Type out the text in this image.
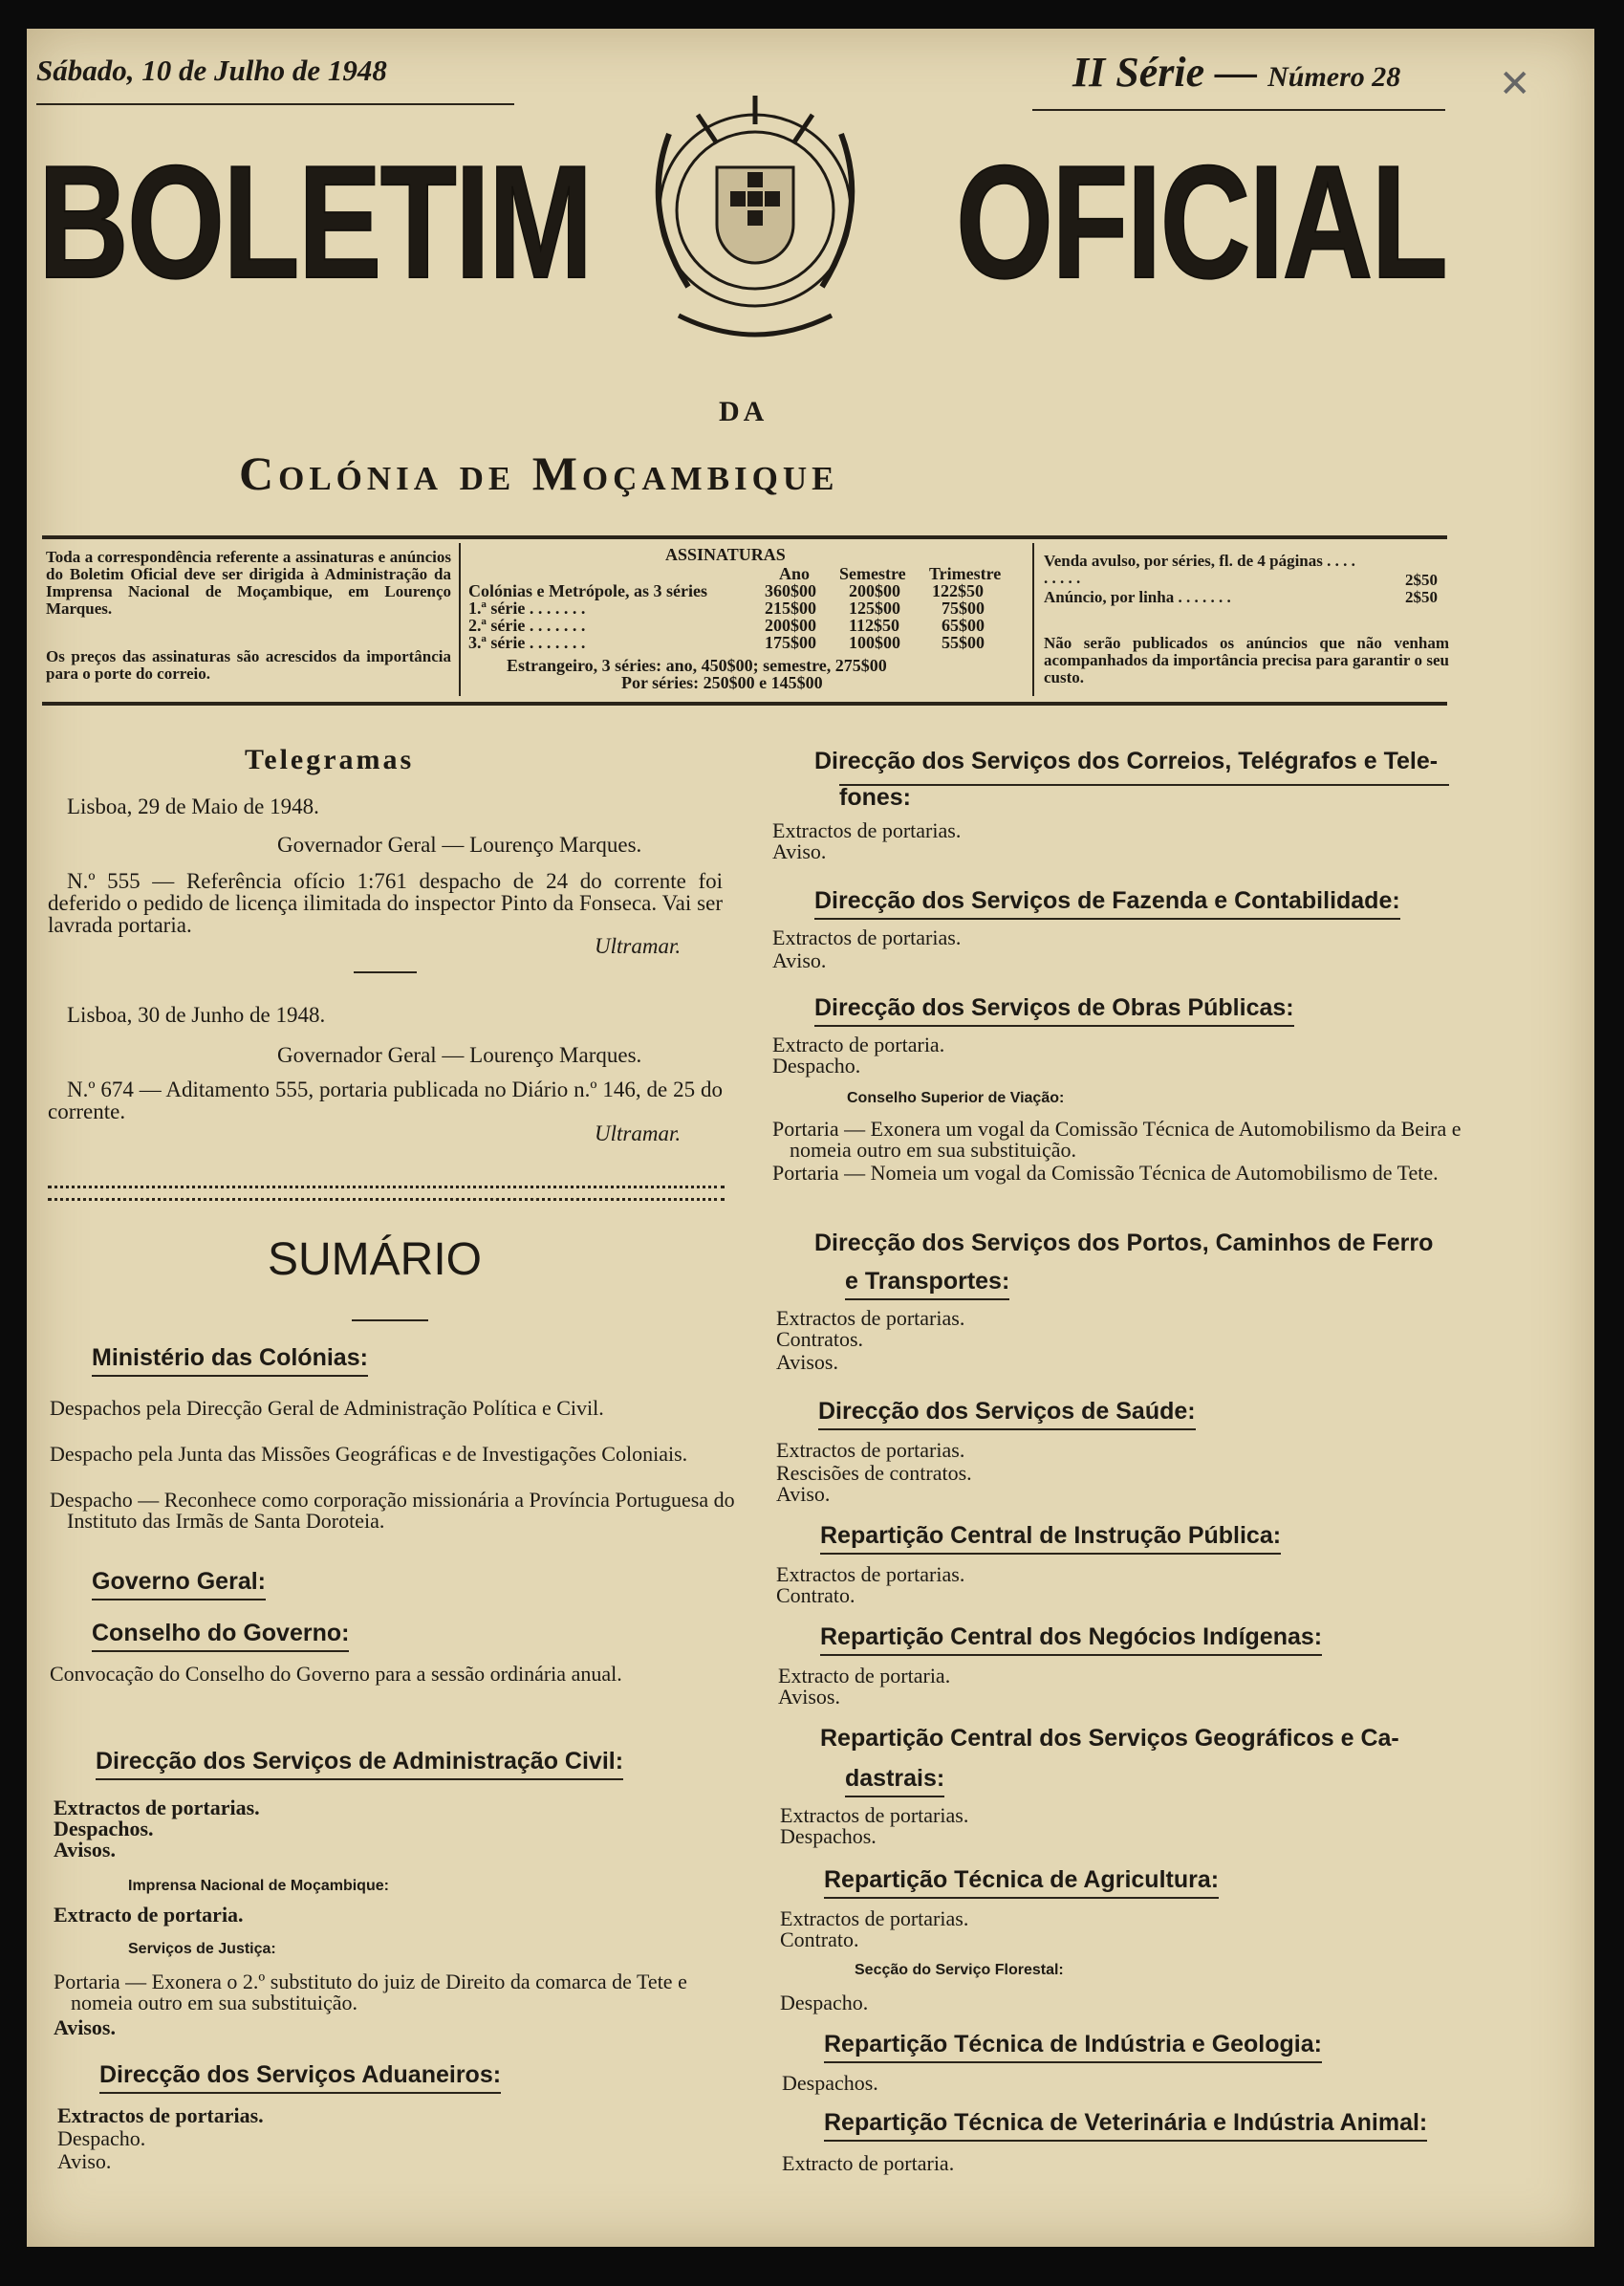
Sábado, 10 de Julho de 1948	II Série — Número 28	✕
BOLETIM OFICIAL
DA
Colónia de Moçambique
Toda a correspondência referente a assinaturas e anúncios do Boletim Oficial deve ser dirigida à Administração da Imprensa Nacional de Moçambique, em Lourenço Marques.
Os preços das assinaturas são acrescidos da importância para o porte do correio.
ASSINATURAS
Ano Semestre Trimestre
Colónias e Metrópole, as 3 séries	360$00 200$00 122$50
1.ª série . . . . . . .	215$00 125$00 75$00
2.ª série . . . . . . .	200$00 112$50 65$00
3.ª série . . . . . . .	175$00 100$00 55$00
Estrangeiro, 3 séries: ano, 450$00; semestre, 275$00
Por séries: 250$00 e 145$00
Venda avulso, por séries, fl. de 4 páginas . . . . . . . . .	2$50
Anúncio, por linha . . . . . . .	2$50
Não serão publicados os anúncios que não venham acompanhados da importância precisa para garantir o seu custo.
Telegramas
Lisboa, 29 de Maio de 1948.
Governador Geral — Lourenço Marques.
N.º 555 — Referência ofício 1:761 despacho de 24 do corrente foi deferido o pedido de licença ilimitada do inspector Pinto da Fonseca. Vai ser lavrada portaria.
Ultramar.
Lisboa, 30 de Junho de 1948.
Governador Geral — Lourenço Marques.
N.º 674 — Aditamento 555, portaria publicada no Diário n.º 146, de 25 do corrente.
Ultramar.
SUMÁRIO
Ministério das Colónias:
Despachos pela Direcção Geral de Administração Política e Civil.
Despacho pela Junta das Missões Geográficas e de Investigações Coloniais.
Despacho — Reconhece como corporação missionária a Província Portuguesa do Instituto das Irmãs de Santa Doroteia.
Governo Geral:
Conselho do Governo:
Convocação do Conselho do Governo para a sessão ordinária anual.
Direcção dos Serviços de Administração Civil:
Extractos de portarias.
Despachos.
Avisos.
Imprensa Nacional de Moçambique:
Extracto de portaria.
Serviços de Justiça:
Portaria — Exonera o 2.º substituto do juiz de Direito da comarca de Tete e nomeia outro em sua substituição.
Avisos.
Direcção dos Serviços Aduaneiros:
Extractos de portarias.
Despacho.
Aviso.
Direcção dos Serviços dos Correios, Telégrafos e Tele-
fones:
Extractos de portarias.
Aviso.
Direcção dos Serviços de Fazenda e Contabilidade:
Extractos de portarias.
Aviso.
Direcção dos Serviços de Obras Públicas:
Extracto de portaria.
Despacho.
Conselho Superior de Viação:
Portaria — Exonera um vogal da Comissão Técnica de Automobilismo da Beira e nomeia outro em sua substituição.
Portaria — Nomeia um vogal da Comissão Técnica de Automobilismo de Tete.
Direcção dos Serviços dos Portos, Caminhos de Ferro
e Transportes:
Extractos de portarias.
Contratos.
Avisos.
Direcção dos Serviços de Saúde:
Extractos de portarias.
Rescisões de contratos.
Aviso.
Repartição Central de Instrução Pública:
Extractos de portarias.
Contrato.
Repartição Central dos Negócios Indígenas:
Extracto de portaria.
Avisos.
Repartição Central dos Serviços Geográficos e Ca-
dastrais:
Extractos de portarias.
Despachos.
Repartição Técnica de Agricultura:
Extractos de portarias.
Contrato.
Secção do Serviço Florestal:
Despacho.
Repartição Técnica de Indústria e Geologia:
Despachos.
Repartição Técnica de Veterinária e Indústria Animal:
Extracto de portaria.
